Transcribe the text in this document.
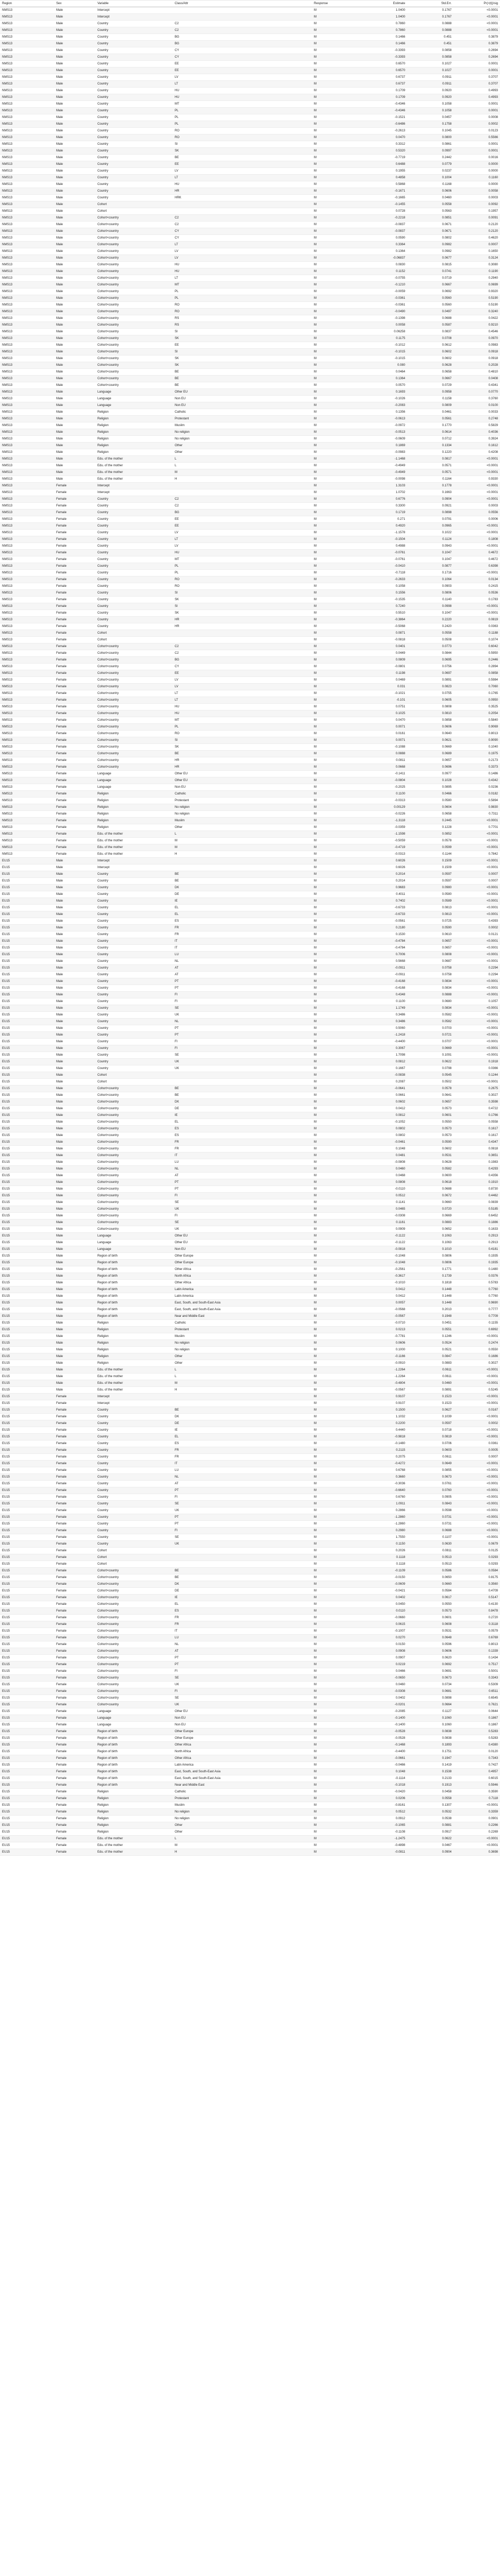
Region	Sex	Variable	Class/Attr	Response	Estimate	Std.Err.	Pr(>|t|)/sig
NMS13	Male	Intercept		M	1.0400	0.1767	<0.0001
NMS13	Male	Intercept		M	1.0400	0.1767	<0.0001
NMS13	Male	Country	C2	M	0.7860	0.0888	<0.0001
NMS13	Male	Country	C2	M	0.7860	0.0888	<0.0001
NMS13	Male	Country	BG	M	0.1466	0.451	0.3879
NMS13	Male	Country	BG	M	0.1466	0.451	0.3879
NMS13	Male	Country	CY	M	-0.3393	0.0858	0.2694
NMS13	Male	Country	CY	M	-0.3393	0.0858	0.2694
NMS13	Male	Country	EE	M	0.6570	0.1027	0.0001
NMS13	Male	Country	EE	M	0.6570	0.1027	0.0001
NMS13	Male	Country	LV	M	0.6737	0.0911	0.3707
NMS13	Male	Country	LT	M	0.6737	0.0911	0.3707
NMS13	Male	Country	HU	M	0.1709	0.0920	0.4993
NMS13	Male	Country	HU	M	0.1709	0.0920	0.4993
NMS13	Male	Country	MT	M	-0.4346	0.1058	0.0001
NMS13	Male	Country	PL	M	-0.4346	0.1058	0.0001
NMS13	Male	Country	PL	M	-0.1521	0.0457	0.0008
NMS13	Male	Country	PL	M	-0.6486	0.1758	0.0002
NMS13	Male	Country	RO	M	-0.2613	0.1045	0.0123
NMS13	Male	Country	RO	M	0.0470	0.0800	0.5566
NMS13	Male	Country	SI	M	0.3312	0.0861	0.0001
NMS13	Male	Country	SK	M	0.5320	0.0997	0.0001
NMS13	Male	Country	BE	M	-0.7719	0.2442	0.0016
NMS13	Male	Country	EE	M	0.6488	0.0779	0.0000
NMS13	Male	Country	LV	M	0.1955	0.0237	0.0000
NMS13	Male	Country	LT	M	0.4858	0.1004	0.1160
NMS13	Male	Country	HU	M	0.5868	0.1168	0.0000
NMS13	Male	Country	HR	M	-0.1671	0.0606	0.0058
NMS13	Male	Country	HRK	M	-0.1665	0.0460	0.0003
NMS13	Male	Cohort		M	-0.1455	0.0558	0.0092
NMS13	Male	Cohort		M	0.0728	0.0563	0.1957
NMS13	Male	Cohort×country	C2	M	-0.2218	0.0851	0.0091
NMS13	Male	Cohort×country	C2	M	-0.0837	0.0671	0.2120
NMS13	Male	Cohort×country	CY	M	-0.0837	0.0671	0.2120
NMS13	Male	Cohort×country	CY	M	0.0590	0.0802	0.4620
NMS13	Male	Cohort×country	LT	M	0.3364	0.0982	0.0007
NMS13	Male	Cohort×country	LV	M	0.1364	0.0982	0.1650
NMS13	Male	Cohort×country	LV	M	-0.06837	0.0677	0.3124
NMS13	Male	Cohort×country	HU	M	0.0830	0.0815	0.3080
NMS13	Male	Cohort×country	HU	M	0.1152	0.0741	0.1190
NMS13	Male	Cohort×country	LT	M	-0.0755	0.0719	0.2940
NMS13	Male	Cohort×country	MT	M	-0.1210	0.0667	0.0699
NMS13	Male	Cohort×country	PL	M	-0.0059	0.0692	0.9320
NMS13	Male	Cohort×country	PL	M	-0.0361	0.0560	0.5190
NMS13	Male	Cohort×country	RO	M	-0.0361	0.0560	0.5190
NMS13	Male	Cohort×country	RO	M	-0.0490	0.0497	0.3240
NMS13	Male	Cohort×country	RS	M	-0.1398	0.0688	0.0422
NMS13	Male	Cohort×country	RS	M	0.0058	0.0587	0.9210
NMS13	Male	Cohort×country	SI	M	0.06258	0.0837	0.4546
NMS13	Male	Cohort×country	SK	M	0.1175	0.0708	0.0970
NMS13	Male	Cohort×country	EE	M	-0.1012	0.0612	0.0983
NMS13	Male	Cohort×country	SI	M	-0.1015	0.0602	0.0918
NMS13	Male	Cohort×country	SK	M	-0.1015	0.0602	0.0918
NMS13	Male	Cohort×country	SK	M	0.080	0.0628	0.2028
NMS13	Male	Cohort×country	BE	M	0.0464	0.0658	0.4810
NMS13	Male	Cohort×country	BE	M	0.1364	0.0667	0.0408
NMS13	Male	Cohort×country	BE	M	0.0570	0.0729	0.4341
NMS13	Male	Language	Other EU	M	0.1693	0.0958	0.0770
NMS13	Male	Language	Non EU	M	-0.1026	0.1158	0.3760
NMS13	Male	Language	Non EU	M	-0.2083	0.0809	0.0100
NMS13	Male	Religion	Catholic	M	0.1356	0.0461	0.0033
NMS13	Male	Religion	Protestant	M	-0.0613	0.0561	0.2748
NMS13	Male	Religion	Muslim	M	-0.0972	0.1770	0.5829
NMS13	Male	Religion	No religion	M	-0.0513	0.0614	0.4036
NMS13	Male	Religion	No religion	M	-0.0609	0.0712	0.3924
NMS13	Male	Religion	Other	M	0.1869	0.1334	0.1612
NMS13	Male	Religion	Other	M	-0.0983	0.1220	0.4208
NMS13	Male	Edu. of the mother	L	M	-1.1468	0.0817	<0.0001
NMS13	Male	Edu. of the mother	L	M	-0.4949	0.0571	<0.0001
NMS13	Male	Edu. of the mother	M	M	-0.4949	0.0571	<0.0001
NMS13	Male	Edu. of the mother	H	M	-0.0098	0.1164	0.9330
NMS13	Female	Intercept		M	1.3103	0.1778	<0.0001
NMS13	Female	Intercept		M	1.0702	0.1663	<0.0001
NMS13	Female	Country	C2	M	0.6776	0.0904	<0.0001
NMS13	Female	Country	C2	M	0.3300	0.0921	0.0003
NMS13	Female	Country	BG	M	0.1719	0.0898	0.0556
NMS13	Female	Country	EE	M	0.271	0.0791	0.0006
NMS13	Female	Country	EE	M	0.4920	0.0965	<0.0001
NMS13	Female	Country	LV	M	-1.1578	0.1022	<0.0001
NMS13	Female	Country	LT	M	-0.1504	0.1124	0.1808
NMS13	Female	Country	LV	M	0.4988	0.0943	<0.0001
NMS13	Female	Country	HU	M	-0.0761	0.1047	0.4672
NMS13	Female	Country	MT	M	-0.0761	0.1047	0.4672
NMS13	Female	Country	PL	M	-0.0410	0.0877	0.6398
NMS13	Female	Country	PL	M	-0.7118	0.1716	<0.0001
NMS13	Female	Country	RO	M	-0.2633	0.1064	0.0134
NMS13	Female	Country	RO	M	0.1058	0.0903	0.2415
NMS13	Female	Country	SI	M	0.1556	0.0806	0.0536
NMS13	Female	Country	SK	M	-0.1535	0.1140	0.1783
NMS13	Female	Country	SI	M	0.7240	0.0998	<0.0001
NMS13	Female	Country	SK	M	0.5510	0.1047	<0.0001
NMS13	Female	Country	HR	M	-0.3864	0.2220	0.0819
NMS13	Female	Country	HR	M	-0.5068	0.2420	0.0363
NMS13	Female	Cohort		M	0.0871	0.0558	0.1188
NMS13	Female	Cohort		M	-0.0818	0.0508	0.1074
NMS13	Female	Cohort×country	C2	M	0.0401	0.0773	0.6042
NMS13	Female	Cohort×country	C2	M	0.0449	0.0844	0.5950
NMS13	Female	Cohort×country	BG	M	0.0809	0.0695	0.2446
NMS13	Female	Cohort×country	CY	M	-0.0801	0.0756	0.2894
NMS13	Female	Cohort×country	EE	M	0.1198	0.0697	0.0858
NMS13	Female	Cohort×country	LV	M	0.0469	0.0891	0.5984
NMS13	Female	Cohort×country	LV	M	0.031	0.0823	0.7060
NMS13	Female	Cohort×country	LT	M	-0.1021	0.0755	0.1765
NMS13	Female	Cohort×country	LT	M	-0.101	0.0605	0.0950
NMS13	Female	Cohort×country	HU	M	0.0751	0.0808	0.3525
NMS13	Female	Cohort×country	HU	M	0.1025	0.0810	0.2054
NMS13	Female	Cohort×country	MT	M	0.0470	0.0858	0.5840
NMS13	Female	Cohort×country	PL	M	0.0071	0.0606	0.9069
NMS13	Female	Cohort×country	RO	M	0.0161	0.0640	0.8013
NMS13	Female	Cohort×country	SI	M	0.0071	0.0621	0.9090
NMS13	Female	Cohort×country	SK	M	-0.1088	0.0669	0.1040
NMS13	Female	Cohort×country	BE	M	0.0888	0.0689	0.1975
NMS13	Female	Cohort×country	HR	M	0.0811	0.0657	0.2173
NMS13	Female	Cohort×country	HR	M	0.0668	0.0696	0.3373
NMS13	Female	Language	Other EU	M	-0.1411	0.0977	0.1486
NMS13	Female	Language	Other EU	M	-0.0804	0.1028	0.4342
NMS13	Female	Language	Non EU	M	-0.2025	0.0895	0.0236
NMS13	Female	Religion	Catholic	M	0.1100	0.0466	0.0182
NMS13	Female	Religion	Protestant	M	-0.0313	0.0580	0.5894
NMS13	Female	Religion	No religion	M	0.00129	0.0604	0.9830
NMS13	Female	Religion	No religion	M	-0.0226	0.0658	0.7311
NMS13	Female	Religion	Muslim	M	-1.3118	0.2445	<0.0001
NMS13	Female	Religion	Other	M	-0.0359	0.1228	0.7701
NMS13	Female	Edu. of the mother	L	M	-1.1598	0.0852	<0.0001
NMS13	Female	Edu. of the mother	M	M	-0.5059	0.0578	<0.0001
NMS13	Female	Edu. of the mother	M	M	-0.4719	0.0599	<0.0001
NMS13	Female	Edu. of the mother	H	M	-0.0313	0.1144	0.7842
EU15	Male	Intercept		M	0.6026	0.1509	<0.0001
EU15	Male	Intercept		M	0.6026	0.1509	<0.0001
EU15	Male	Country	BE	M	0.2014	0.0597	0.0007
EU15	Male	Country	BE	M	0.2014	0.0597	0.0007
EU15	Male	Country	DK	M	0.9683	0.0980	<0.0001
EU15	Male	Country	DE	M	0.4011	0.0580	<0.0001
EU15	Male	Country	IE	M	0.7402	0.0589	<0.0001
EU15	Male	Country	EL	M	-0.6733	0.0813	<0.0001
EU15	Male	Country	EL	M	-0.6733	0.0813	<0.0001
EU15	Male	Country	ES	M	-0.0561	0.0725	0.4393
EU15	Male	Country	FR	M	0.2180	0.0590	0.0002
EU15	Male	Country	FR	M	0.1530	0.0610	0.0121
EU15	Male	Country	IT	M	-0.4784	0.0657	<0.0001
EU15	Male	Country	IT	M	-0.4784	0.0657	<0.0001
EU15	Male	Country	LU	M	0.7006	0.0808	<0.0001
EU15	Male	Country	NL	M	0.5668	0.0687	<0.0001
EU15	Male	Country	AT	M	-0.0911	0.0758	0.2294
EU15	Male	Country	AT	M	-0.0911	0.0758	0.2294
EU15	Male	Country	PT	M	-0.4168	0.0834	<0.0001
EU15	Male	Country	PT	M	-0.4168	0.0834	<0.0001
EU15	Male	Country	FI	M	0.4348	0.0888	<0.0001
EU15	Male	Country	FI	M	0.1100	0.0680	0.1057
EU15	Male	Country	SE	M	1.1749	0.0834	<0.0001
EU15	Male	Country	UK	M	0.3486	0.0582	<0.0001
EU15	Male	Country	NL	M	0.3486	0.0582	<0.0001
EU15	Male	Country	PT	M	0.5060	0.0703	<0.0001
EU15	Male	Country	PT	M	-1.2418	0.0721	<0.0001
EU15	Male	Country	FI	M	-0.4400	0.0707	<0.0001
EU15	Male	Country	FI	M	0.3067	0.0669	<0.0001
EU15	Male	Country	SE	M	1.7098	0.1091	<0.0001
EU15	Male	Country	UK	M	0.0812	0.0622	0.1918
EU15	Male	Country	UK	M	0.1667	0.0798	0.0366
EU15	Male	Cohort		M	-0.0838	0.0545	0.1244
EU15	Male	Cohort		M	0.2087	0.0502	<0.0001
EU15	Male	Cohort×country	BE	M	-0.0641	0.0578	0.2675
EU15	Male	Cohort×country	BE	M	0.0661	0.0641	0.3027
EU15	Male	Cohort×country	DK	M	0.0602	0.0657	0.3598
EU15	Male	Cohort×country	DE	M	0.0412	0.0573	0.4722
EU15	Male	Cohort×country	IE	M	0.0812	0.0601	0.1766
EU15	Male	Cohort×country	EL	M	-0.1052	0.0550	0.0558
EU15	Male	Cohort×country	ES	M	0.0802	0.0573	0.1617
EU15	Male	Cohort×country	ES	M	0.0802	0.0573	0.1617
EU15	Male	Cohort×country	FR	M	-0.0461	0.0590	0.4347
EU15	Male	Cohort×country	FR	M	0.1048	0.0602	0.0818
EU15	Male	Cohort×country	IT	M	0.0481	0.0531	0.3651
EU15	Male	Cohort×country	LU	M	-0.0808	0.0628	0.1983
EU15	Male	Cohort×country	NL	M	0.0460	0.0582	0.4293
EU15	Male	Cohort×country	AT	M	0.0468	0.0600	0.4356
EU15	Male	Cohort×country	PT	M	0.0808	0.0618	0.1910
EU15	Male	Cohort×country	PT	M	-0.0110	0.0688	0.8730
EU15	Male	Cohort×country	FI	M	0.0512	0.0672	0.4462
EU15	Male	Cohort×country	SE	M	0.1141	0.0660	0.0839
EU15	Male	Cohort×country	UK	M	0.0465	0.0720	0.5185
EU15	Male	Cohort×country	FI	M	-0.0308	0.0669	0.6452
EU15	Male	Cohort×country	SE	M	0.1161	0.0883	0.1886
EU15	Male	Cohort×country	UK	M	0.0909	0.0652	0.1633
EU15	Male	Language	Other EU	M	-0.1122	0.1063	0.2913
EU15	Male	Language	Other EU	M	-0.1122	0.1063	0.2913
EU15	Male	Language	Non EU	M	-0.0818	0.1010	0.4181
EU15	Male	Region of birth	Other Europe	M	-0.1048	0.0806	0.1935
EU15	Male	Region of birth	Other Europe	M	-0.1048	0.0806	0.1935
EU15	Male	Region of birth	Other Africa	M	-0.2561	0.1771	0.1480
EU15	Male	Region of birth	North Africa	M	-0.3617	0.1739	0.0376
EU15	Male	Region of birth	Other Africa	M	-0.1010	0.1818	0.5783
EU15	Male	Region of birth	Latin America	M	0.0412	0.1448	0.7760
EU15	Male	Region of birth	Latin America	M	0.0412	0.1448	0.7760
EU15	Male	Region of birth	East, South, and South-East Asia	M	0.0057	0.1448	0.9690
EU15	Male	Region of birth	East, South, and South-East Asia	M	-0.0568	0.2013	0.7777
EU15	Male	Region of birth	Near and Middle East	M	-0.0567	0.1948	0.7709
EU15	Male	Religion	Catholic	M	-0.0710	0.0451	0.1155
EU15	Male	Religion	Protestant	M	0.0213	0.0551	0.6992
EU15	Male	Religion	Muslim	M	-0.7781	0.1246	<0.0001
EU15	Male	Religion	No religion	M	0.0606	0.0524	0.2474
EU15	Male	Religion	No religion	M	0.1000	0.0521	0.0550
EU15	Male	Religion	Other	M	-0.1166	0.0847	0.1686
EU15	Male	Religion	Other	M	-0.0910	0.0883	0.3027
EU15	Male	Edu. of the mother	L	M	-1.2264	0.0611	<0.0001
EU15	Male	Edu. of the mother	L	M	-1.2264	0.0611	<0.0001
EU15	Male	Edu. of the mother	M	M	-0.4804	0.0460	<0.0001
EU15	Male	Edu. of the mother	H	M	-0.0567	0.0891	0.5245
EU15	Female	Intercept		M	0.9107	0.1523	<0.0001
EU15	Female	Intercept		M	0.9107	0.1523	<0.0001
EU15	Female	Country	BE	M	0.1500	0.0627	0.0167
EU15	Female	Country	DK	M	1.1032	0.1039	<0.0001
EU15	Female	Country	DE	M	0.2200	0.0597	0.0002
EU15	Female	Country	IE	M	0.4440	0.0718	<0.0001
EU15	Female	Country	EL	M	-0.9818	0.0819	<0.0001
EU15	Female	Country	ES	M	-0.1480	0.0706	0.0361
EU15	Female	Country	FR	M	0.2115	0.0603	0.0005
EU15	Female	Country	FR	M	0.2075	0.0611	0.0007
EU15	Female	Country	IT	M	-0.4272	0.0649	<0.0001
EU15	Female	Country	LU	M	0.6768	0.0855	<0.0001
EU15	Female	Country	NL	M	0.3660	0.0673	<0.0001
EU15	Female	Country	AT	M	-0.3036	0.0761	<0.0001
EU15	Female	Country	PT	M	-0.6640	0.0760	<0.0001
EU15	Female	Country	FI	M	0.6760	0.0905	<0.0001
EU15	Female	Country	SE	M	1.0911	0.0843	<0.0001
EU15	Female	Country	UK	M	0.2866	0.0598	<0.0001
EU15	Female	Country	PT	M	-1.2860	0.0731	<0.0001
EU15	Female	Country	PT	M	-1.2860	0.0731	<0.0001
EU15	Female	Country	FI	M	0.2980	0.0688	<0.0001
EU15	Female	Country	SE	M	1.7550	0.1107	<0.0001
EU15	Female	Country	UK	M	0.1150	0.0630	0.0679
EU15	Female	Cohort		M	0.2026	0.0811	0.0125
EU15	Female	Cohort		M	0.1118	0.0513	0.0293
EU15	Female	Cohort		M	0.1118	0.0513	0.0293
EU15	Female	Cohort×country	BE	M	-0.1109	0.0586	0.0584
EU15	Female	Cohort×country	BE	M	-0.0150	0.0650	0.8175
EU15	Female	Cohort×country	DK	M	-0.0609	0.0660	0.3560
EU15	Female	Cohort×country	DE	M	-0.0421	0.0584	0.4709
EU15	Female	Cohort×country	IE	M	0.0402	0.0617	0.5147
EU15	Female	Cohort×country	EL	M	0.0450	0.0550	0.4130
EU15	Female	Cohort×country	ES	M	0.0110	0.0573	0.8478
EU15	Female	Cohort×country	FR	M	-0.0660	0.0601	0.2720
EU15	Female	Cohort×country	FR	M	0.0615	0.0608	0.3118
EU15	Female	Cohort×country	IT	M	-0.1007	0.0531	0.0579
EU15	Female	Cohort×country	LU	M	0.0270	0.0648	0.6769
EU15	Female	Cohort×country	NL	M	0.0150	0.0596	0.8013
EU15	Female	Cohort×country	AT	M	0.0908	0.0606	0.1339
EU15	Female	Cohort×country	PT	M	0.0907	0.0620	0.1434
EU15	Female	Cohort×country	PT	M	0.0219	0.0692	0.7517
EU15	Female	Cohort×country	FI	M	0.0466	0.0691	0.5001
EU15	Female	Cohort×country	SE	M	-0.0650	0.0673	0.3343
EU15	Female	Cohort×country	UK	M	0.0460	0.0734	0.5309
EU15	Female	Cohort×country	FI	M	-0.0308	0.0681	0.6511
EU15	Female	Cohort×country	SE	M	0.0402	0.0898	0.6545
EU15	Female	Cohort×country	UK	M	-0.0201	0.0664	0.7621
EU15	Female	Language	Other EU	M	-0.2085	0.1127	0.0644
EU15	Female	Language	Non EU	M	-0.1400	0.1060	0.1867
EU15	Female	Language	Non EU	M	-0.1400	0.1060	0.1867
EU15	Female	Region of birth	Other Europe	M	-0.0528	0.0838	0.5283
EU15	Female	Region of birth	Other Europe	M	-0.0528	0.0838	0.5283
EU15	Female	Region of birth	Other Africa	M	-0.1468	0.1893	0.4380
EU15	Female	Region of birth	North Africa	M	-0.4400	0.1751	0.0120
EU15	Female	Region of birth	Other Africa	M	-0.0661	0.1947	0.7343
EU15	Female	Region of birth	Latin America	M	-0.0466	0.1419	0.7427
EU15	Female	Region of birth	East, South, and South-East Asia	M	0.1048	0.1538	0.4957
EU15	Female	Region of birth	East, South, and South-East Asia	M	-0.1114	0.2133	0.6015
EU15	Female	Region of birth	Near and Middle East	M	-0.1018	0.1913	0.5946
EU15	Female	Religion	Catholic	M	-0.0420	0.0458	0.3590
EU15	Female	Religion	Protestant	M	0.0206	0.0558	0.7118
EU15	Female	Religion	Muslim	M	-0.8161	0.1307	<0.0001
EU15	Female	Religion	No religion	M	0.0512	0.0532	0.3359
EU15	Female	Religion	No religion	M	0.0912	0.0538	0.0901
EU15	Female	Religion	Other	M	-0.1065	0.0881	0.2266
EU15	Female	Religion	Other	M	-0.1108	0.0917	0.2269
EU15	Female	Edu. of the mother	L	M	-1.2475	0.0622	<0.0001
EU15	Female	Edu. of the mother	M	M	-0.4898	0.0467	<0.0001
EU15	Female	Edu. of the mother	H	M	-0.0811	0.0904	0.3698
